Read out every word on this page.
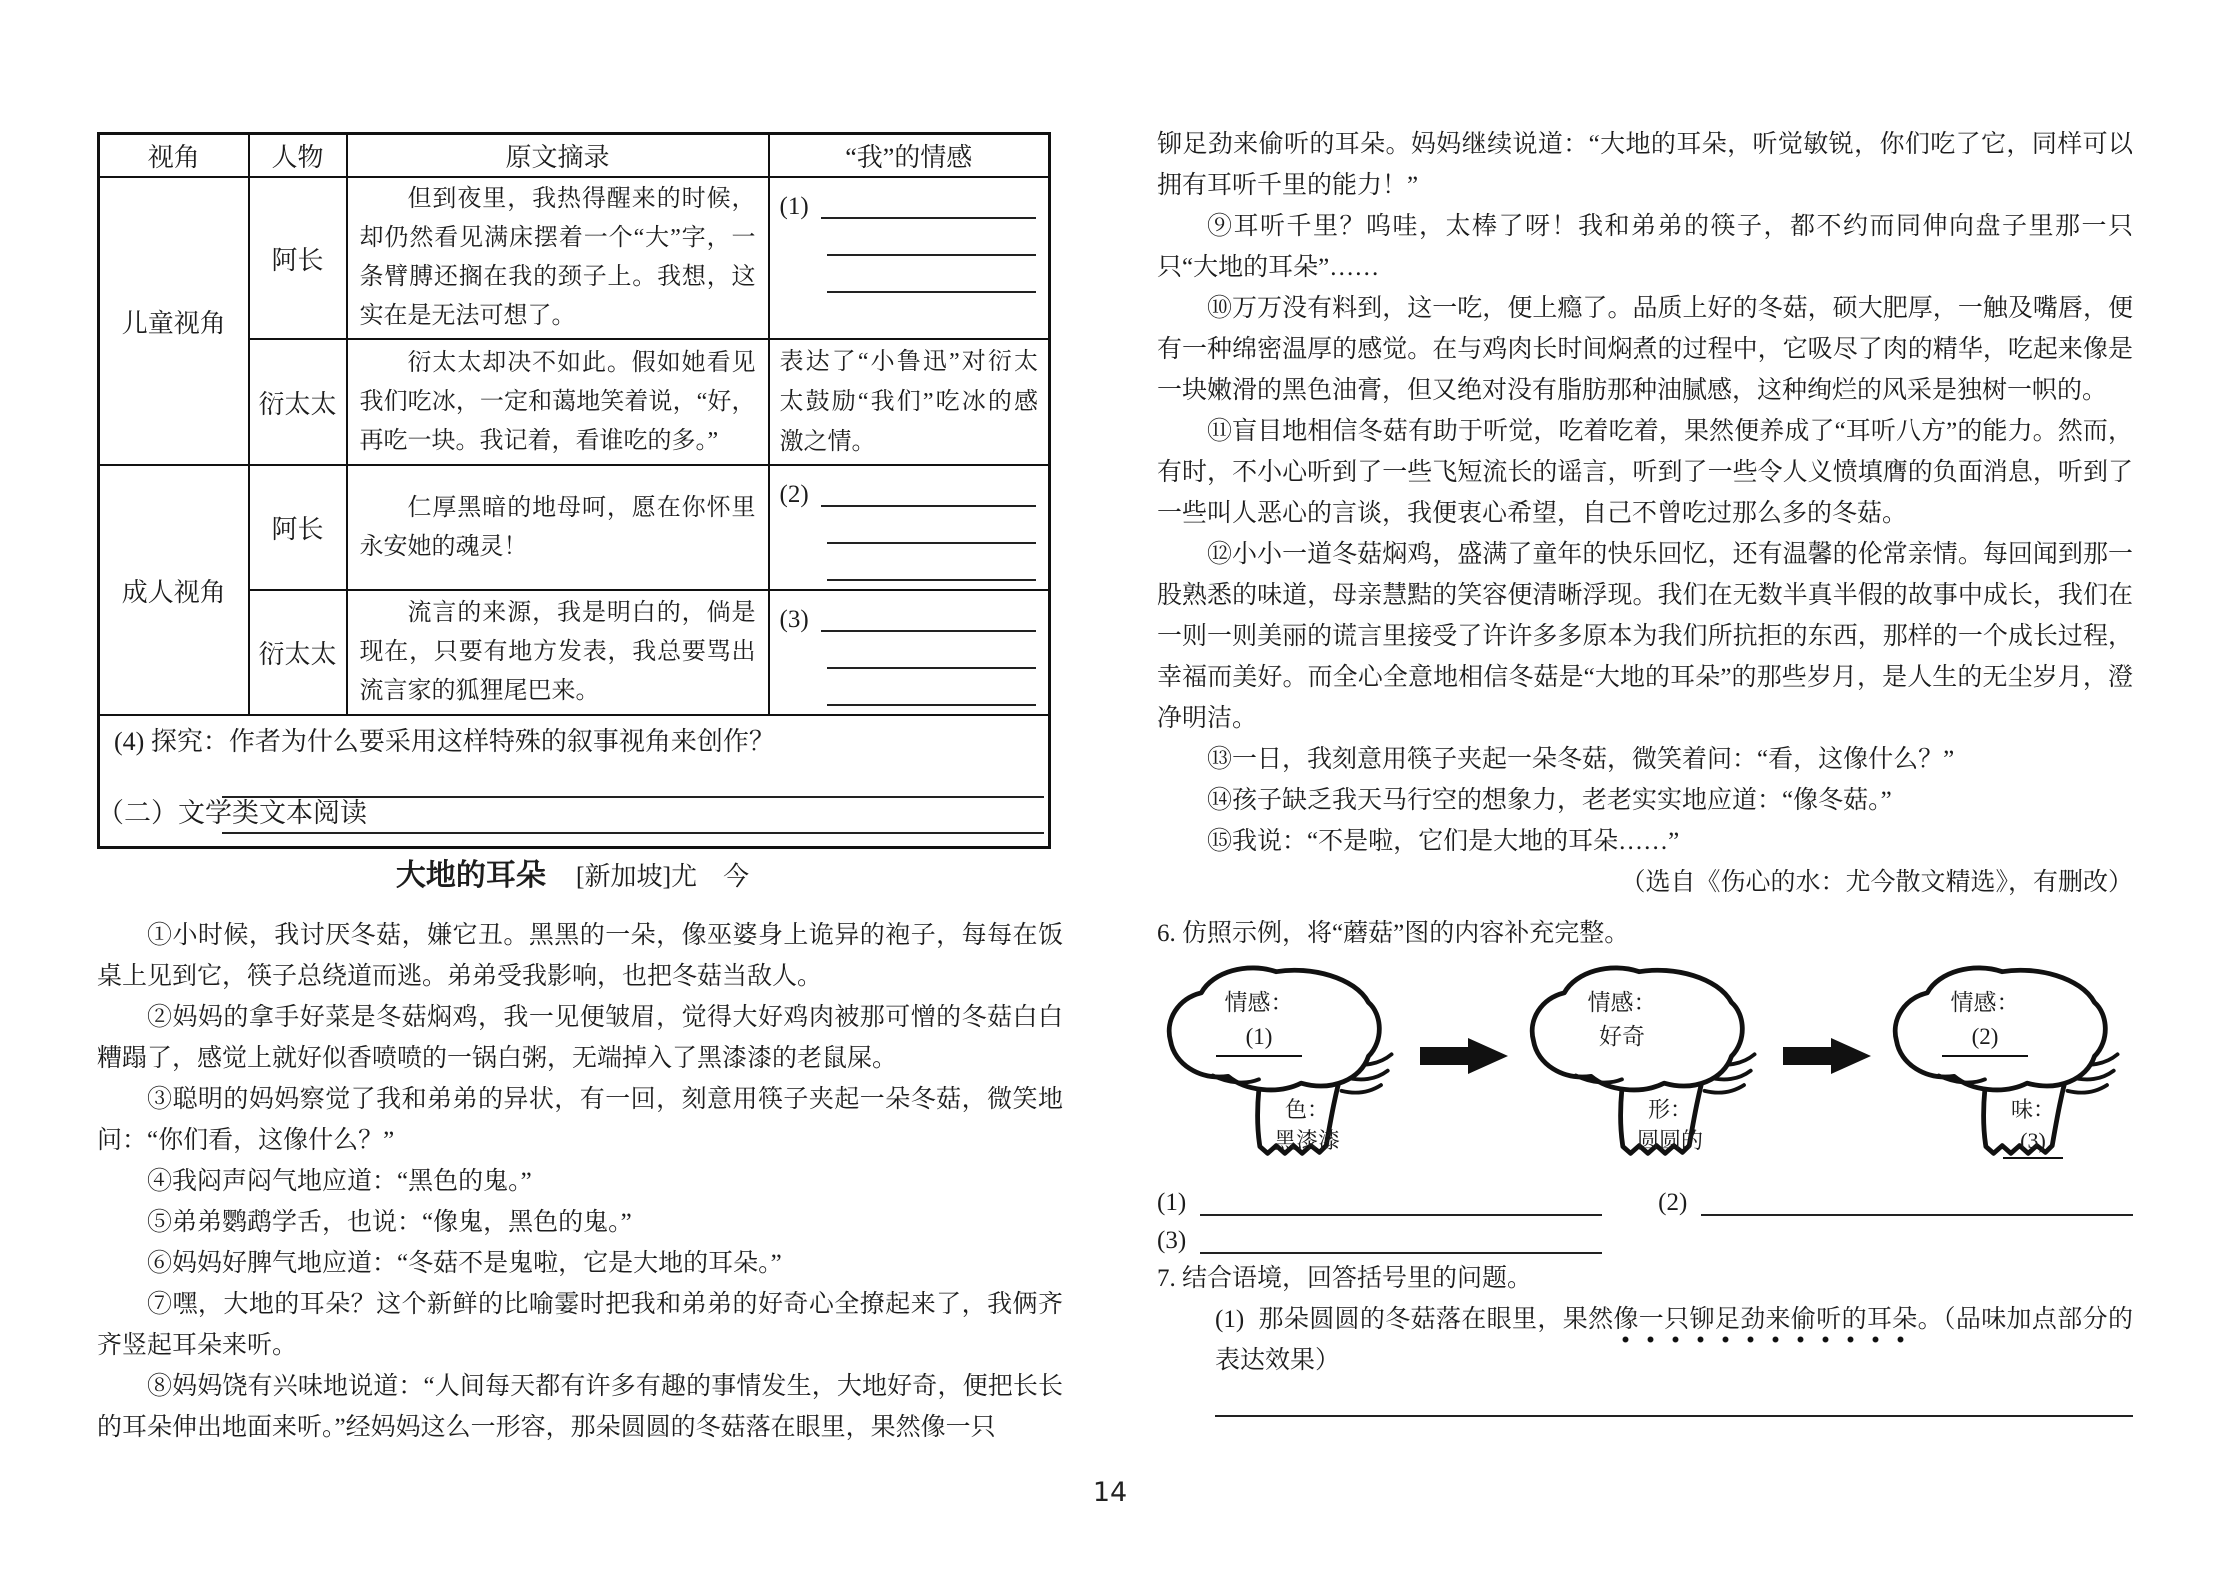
视角	人物	原文摘录	“我”的情感
儿童视角	阿长	但到夜里，我热得醒来的时候，却仍然看见满床摆着一个“大”字，一条臂膊还搁在我的颈子上。我想，这实在是无法可想了。	(1)

	衍太太	衍太太却决不如此。假如她看见我们吃冰，一定和蔼地笑着说，“好，再吃一块。我记着，看谁吃的多。”	表达了“小鲁迅”对衍太太鼓励“我们”吃冰的感激之情。

成人视角	阿长	仁厚黑暗的地母呵，愿在你怀里永安她的魂灵！	(2)

	衍太太	流言的来源，我是明白的，倘是现在，只要有地方发表，我总要骂出流言家的狐狸尾巴来。	(3)

(4) 探究：作者为什么要采用这样特殊的叙事视角来创作？			

（二）文学类文本阅读
大地的耳朵 [新加坡]尤　今

①小时候，我讨厌冬菇，嫌它丑。黑黑的一朵，像巫婆身上诡异的袍子，每每在饭桌上见到它，筷子总绕道而逃。弟弟受我影响，也把冬菇当敌人。

②妈妈的拿手好菜是冬菇焖鸡，我一见便皱眉，觉得大好鸡肉被那可憎的冬菇白白糟蹋了，感觉上就好似香喷喷的一锅白粥，无端掉入了黑漆漆的老鼠屎。

③聪明的妈妈察觉了我和弟弟的异状，有一回，刻意用筷子夹起一朵冬菇，微笑地问：“你们看，这像什么？”

④我闷声闷气地应道：“黑色的鬼。”

⑤弟弟鹦鹉学舌，也说：“像鬼，黑色的鬼。”

⑥妈妈好脾气地应道：“冬菇不是鬼啦，它是大地的耳朵。”

⑦嘿，大地的耳朵？这个新鲜的比喻霎时把我和弟弟的好奇心全撩起来了，我俩齐齐竖起耳朵来听。

⑧妈妈饶有兴味地说道：“人间每天都有许多有趣的事情发生，大地好奇，便把长长的耳朵伸出地面来听。”经妈妈这么一形容，那朵圆圆的冬菇落在眼里，果然像一只

铆足劲来偷听的耳朵。妈妈继续说道：“大地的耳朵，听觉敏锐，你们吃了它，同样可以拥有耳听千里的能力！”

⑨耳听千里？呜哇，太棒了呀！我和弟弟的筷子，都不约而同伸向盘子里那一只只“大地的耳朵”……

⑩万万没有料到，这一吃，便上瘾了。品质上好的冬菇，硕大肥厚，一触及嘴唇，便有一种绵密温厚的感觉。在与鸡肉长时间焖煮的过程中，它吸尽了肉的精华，吃起来像是一块嫩滑的黑色油膏，但又绝对没有脂肪那种油腻感，这种绚烂的风采是独树一帜的。

⑪盲目地相信冬菇有助于听觉，吃着吃着，果然便养成了“耳听八方”的能力。然而，有时，不小心听到了一些飞短流长的谣言，听到了一些令人义愤填膺的负面消息，听到了一些叫人恶心的言谈，我便衷心希望，自己不曾吃过那么多的冬菇。

⑫小小一道冬菇焖鸡，盛满了童年的快乐回忆，还有温馨的伦常亲情。每回闻到那一股熟悉的味道，母亲慧黠的笑容便清晰浮现。我们在无数半真半假的故事中成长，我们在一则一则美丽的谎言里接受了许许多多原本为我们所抗拒的东西，那样的一个成长过程，幸福而美好。而全心全意地相信冬菇是“大地的耳朵”的那些岁月，是人生的无尘岁月，澄净明洁。

⑬一日，我刻意用筷子夹起一朵冬菇，微笑着问：“看，这像什么？”

⑭孩子缺乏我天马行空的想象力，老老实实地应道：“像冬菇。”

⑮我说：“不是啦，它们是大地的耳朵……”

（选自《伤心的水：尤今散文精选》，有删改）

6. 仿照示例，将“蘑菇”图的内容补充完整。

情感：
(1)
色：
黑漆漆
情感：
好奇
形：
圆圆的
情感：
(2)
味：
(3)
(1)	(2)
(3)

7. 结合语境，回答括号里的问题。

(1) 那朵圆圆的冬菇落在眼里，果然像一只铆足劲来偷听的耳朵。（品味加点部分的表达效果）

14
